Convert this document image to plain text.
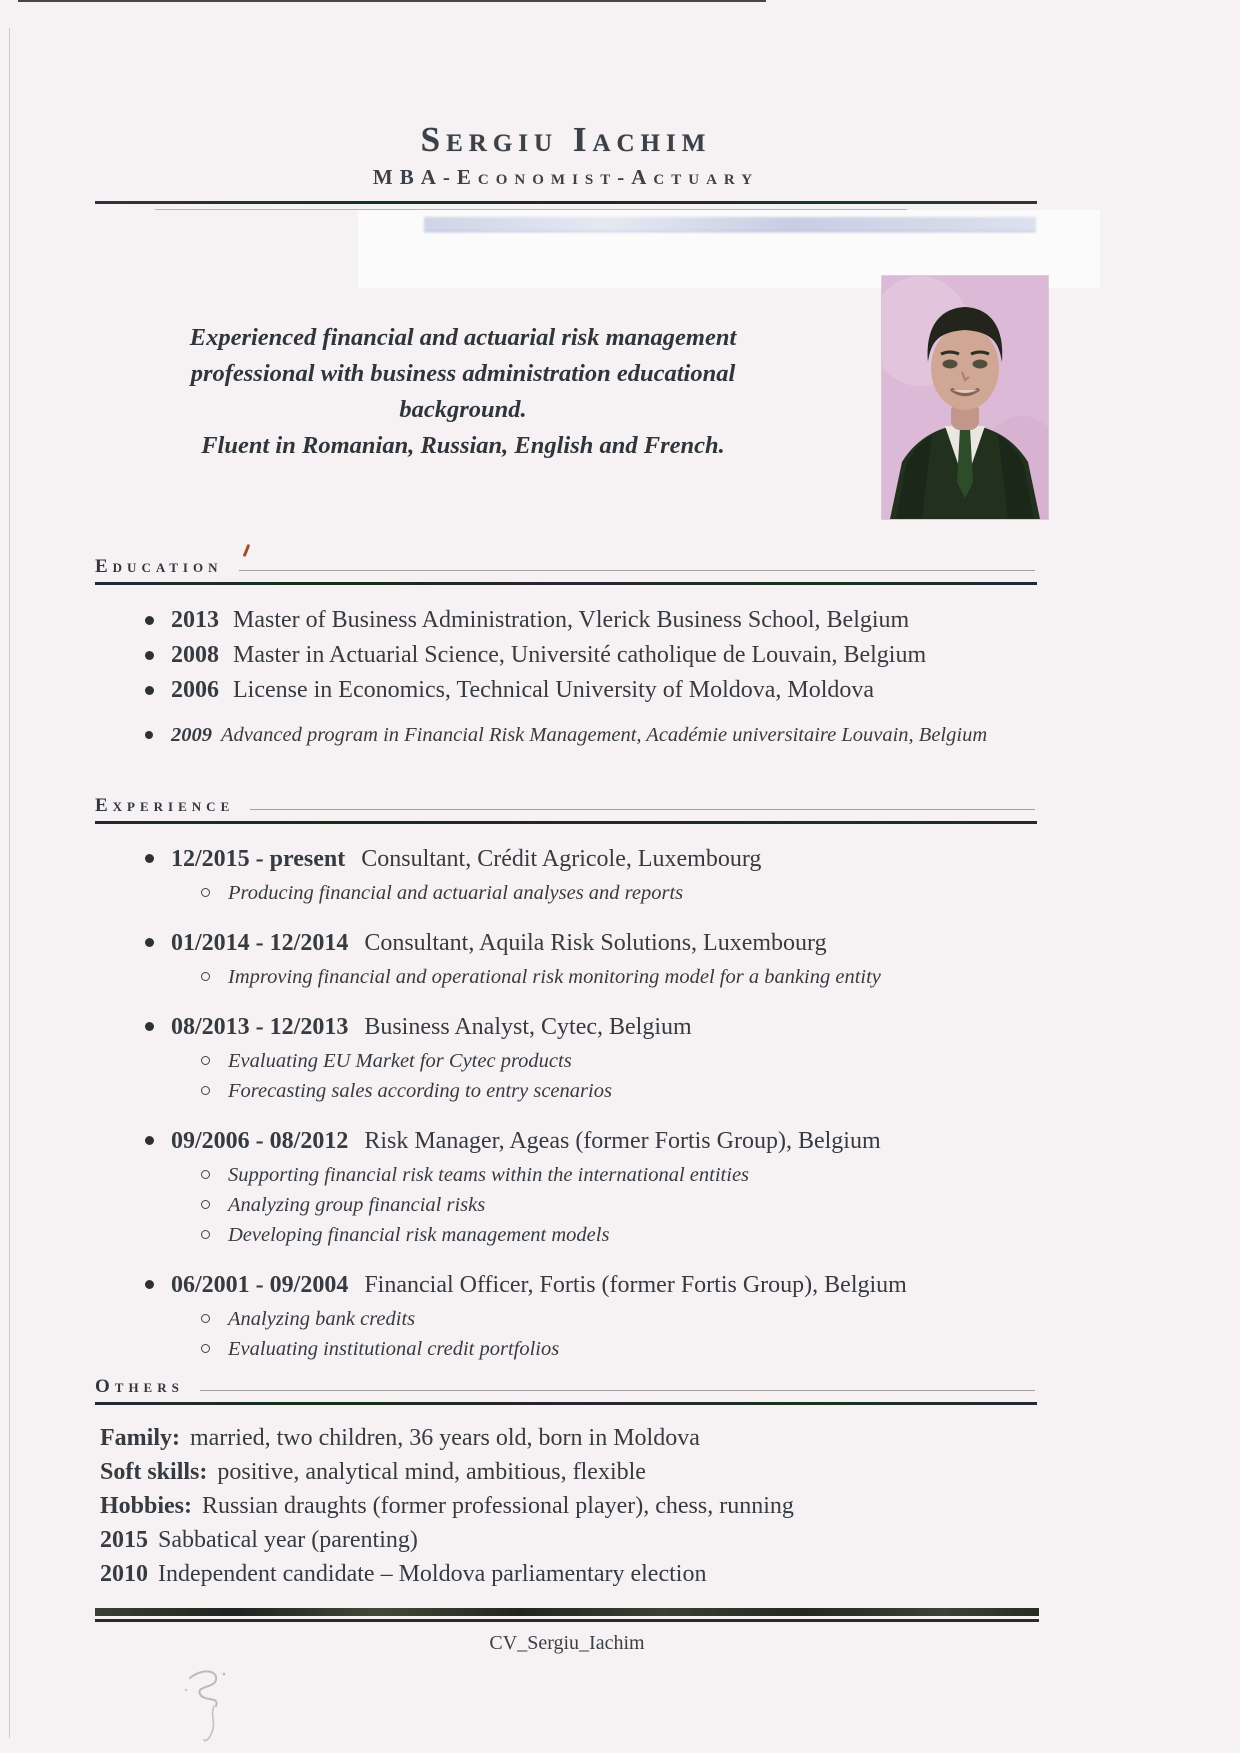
Sergiu Iachim
MBA-Economist-Actuary

Experienced financial and actuarial risk management professional with business administration educational background.

Fluent in Romanian, Russian, English and French.

Education
2013 Master of Business Administration, Vlerick Business School, Belgium
2008 Master in Actuarial Science, Université catholique de Louvain, Belgium
2006 License in Economics, Technical University of Moldova, Moldova
2009 Advanced program in Financial Risk Management, Académie universitaire Louvain, Belgium
Experience
12/2015 - present Consultant, Crédit Agricole, Luxembourg
Producing financial and actuarial analyses and reports
01/2014 - 12/2014 Consultant, Aquila Risk Solutions, Luxembourg
Improving financial and operational risk monitoring model for a banking entity
08/2013 - 12/2013 Business Analyst, Cytec, Belgium
Evaluating EU Market for Cytec products
Forecasting sales according to entry scenarios
09/2006 - 08/2012 Risk Manager, Ageas (former Fortis Group), Belgium
Supporting financial risk teams within the international entities
Analyzing group financial risks
Developing financial risk management models
06/2001 - 09/2004 Financial Officer, Fortis (former Fortis Group), Belgium
Analyzing bank credits
Evaluating institutional credit portfolios
Others
Family: married, two children, 36 years old, born in Moldova
Soft skills: positive, analytical mind, ambitious, flexible
Hobbies: Russian draughts (former professional player), chess, running
2015 Sabbatical year (parenting)
2010 Independent candidate – Moldova parliamentary election
CV_Sergiu_Iachim
